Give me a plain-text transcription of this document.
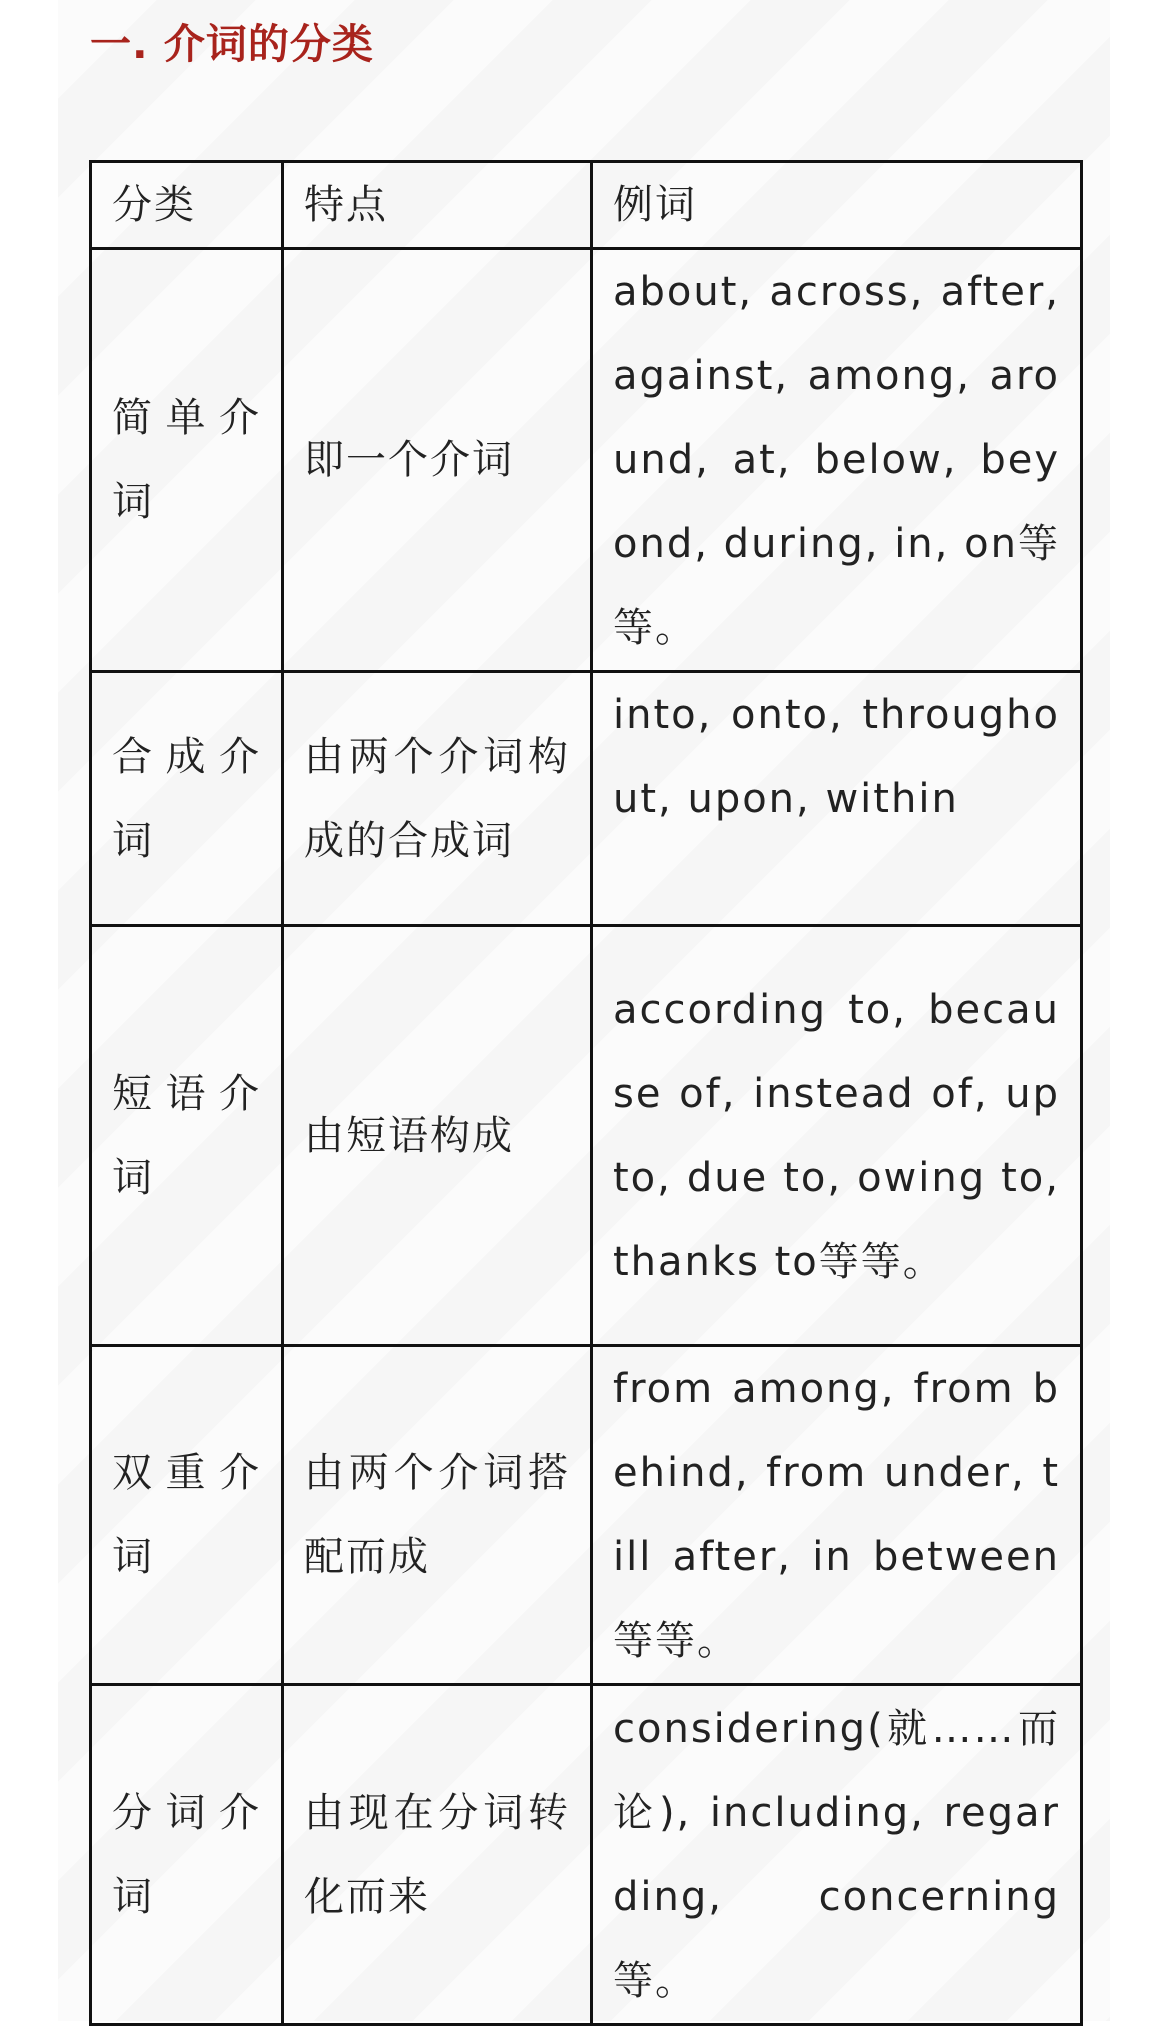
一. 介词的分类
分类	特点	例词
简单介词	即一个介词	about, across, after, against, among, around, at, below, beyond, during, in, on等等。
合成介词	由两个介词构成的合成词	into, onto, throughout, upon, within
短语介词	由短语构成	according to, because of, instead of, up to, due to, owing to, thanks to等等。
双重介词	由两个介词搭配而成	from among, from behind, from under, till after, in between等等。
分词介词	由现在分词转化而来	considering(就……而论), including, regarding, concerning等。
